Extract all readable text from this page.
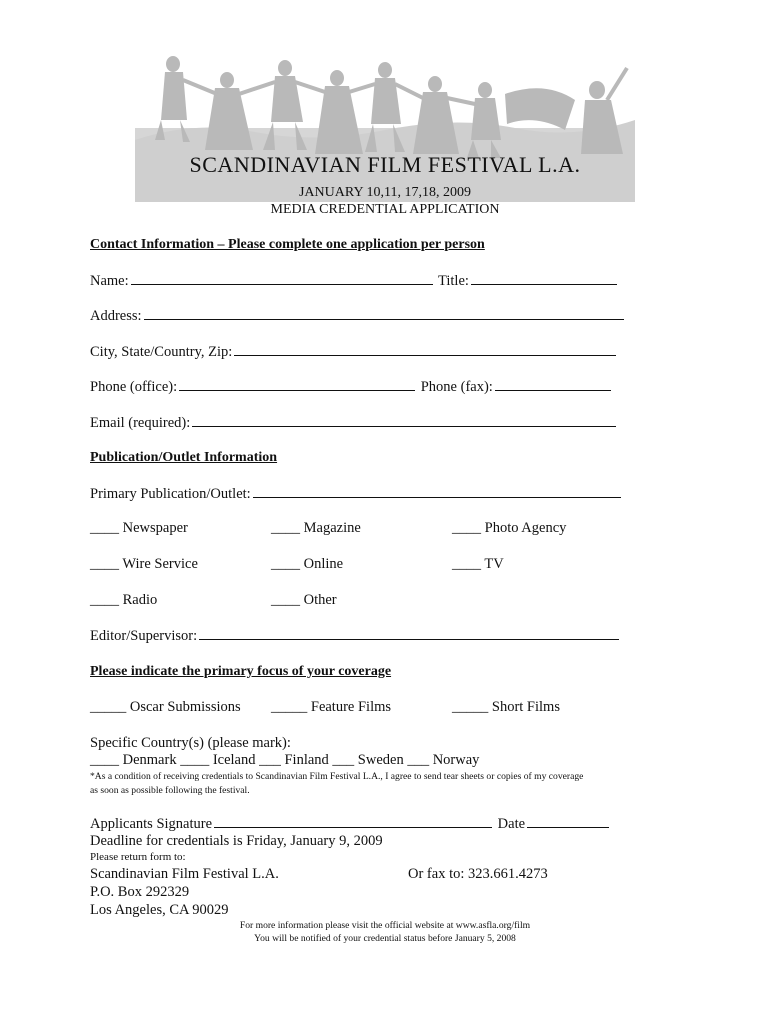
SCANDINAVIAN FILM FESTIVAL L.A.
JANUARY 10,11, 17,18, 2009
MEDIA CREDENTIAL APPLICATION
Contact Information – Please complete one application per person
Name:	Title:
Address:
City, State/Country, Zip:
Phone (office):	Phone (fax):
Email (required):
Publication/Outlet Information
Primary Publication/Outlet:
____ Newspaper	____ Magazine	____ Photo Agency
____ Wire Service	____ Online	____ TV
____ Radio	____ Other
Editor/Supervisor:
Please indicate the primary focus of your coverage
_____ Oscar Submissions _____ Feature Films	_____ Short Films
Specific Country(s) (please mark):
____ Denmark ____ Iceland ___ Finland ___ Sweden ___ Norway
*As a condition of receiving credentials to Scandinavian Film Festival L.A., I agree to send tear sheets or copies of my coverage
as soon as possible following the festival.
Applicants Signature	Date
Deadline for credentials is Friday, January 9, 2009
Please return form to:
Scandinavian Film Festival L.A.	Or fax to: 323.661.4273
P.O. Box 292329
Los Angeles, CA 90029
For more information please visit the official website at www.asfla.org/film
You will be notified of your credential status before January 5, 2008
